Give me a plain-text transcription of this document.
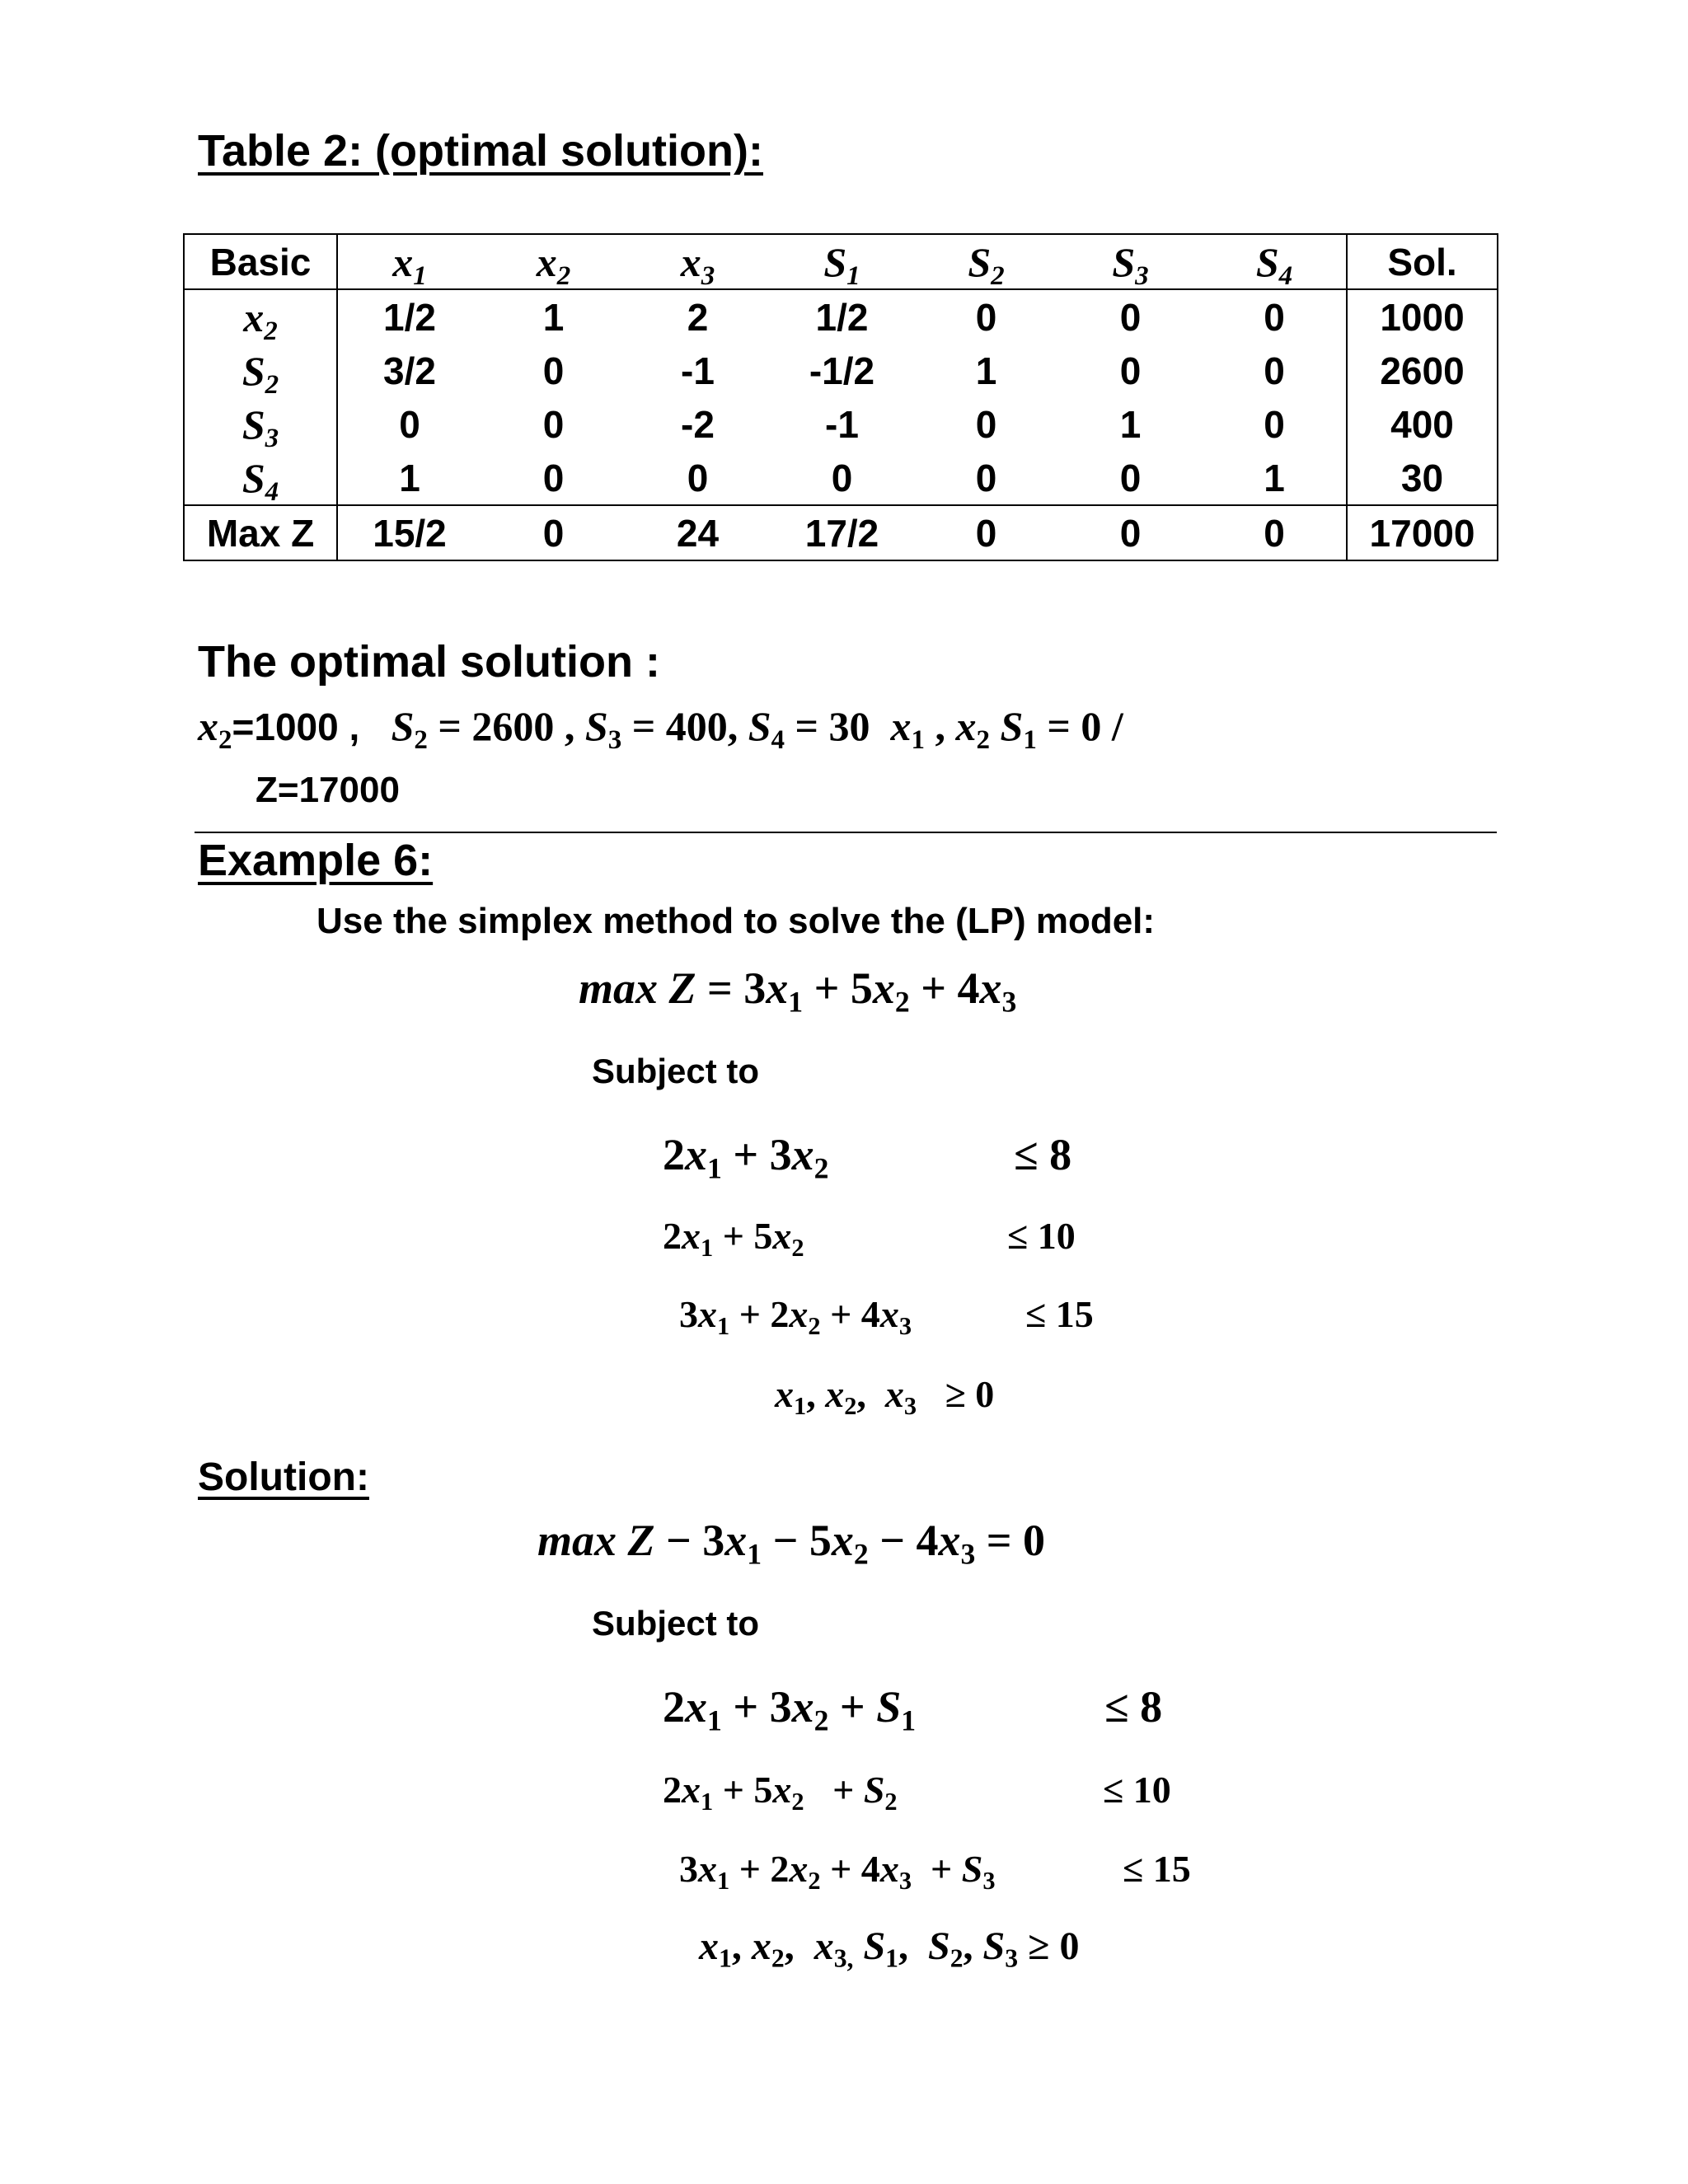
Table 2: (optimal solution):
Basic	$x_1$	$x_2$	$x_3$	$S_1$	$S_2$	$S_3$	$S_4$	Sol.
$x_2$	1/2	1	2	1/2	0	0	0	1000
$S_2$	3/2	0	-1	-1/2	1	0	0	2600
$S_3$	0	0	-2	-1	0	1	0	400
$S_4$	1	0	0	0	0	0	1	30
Max Z	15/2	0	24	17/2	0	0	0	17000
The optimal solution :
$x_2=1000$ ,   $S_2 = 2600$ , $S_3 = 400$, $S_4 = 30$  $x_1$ , $x_2$ $S_1 = 0$ /
Z=17000
Example 6:
Use the simplex method to solve the (LP) model:
$\max Z = 3x_1 + 5x_2 + 4x_3$
Subject to
$2x_1 + 3x_2$	≤ 8
$2x_1 + 5x_2$	≤ 10
$3x_1 + 2x_2 + 4x_3$	≤ 15
$x_1$, $x_2$,  $x_3 \ge 0$
Solution:
$\max Z - 3x_1 - 5x_2 - 4x_3 = 0$
Subject to
$2x_1 + 3x_2 + S_1$	≤ 8
$2x_1 + 5x_2 + S_2$	≤ 10
$3x_1 + 2x_2 + 4x_3 + S_3$	≤ 15
$x_1$, $x_2$,  $x_{3,}$ $S_1$,  $S_2$, $S_3 \ge 0$
